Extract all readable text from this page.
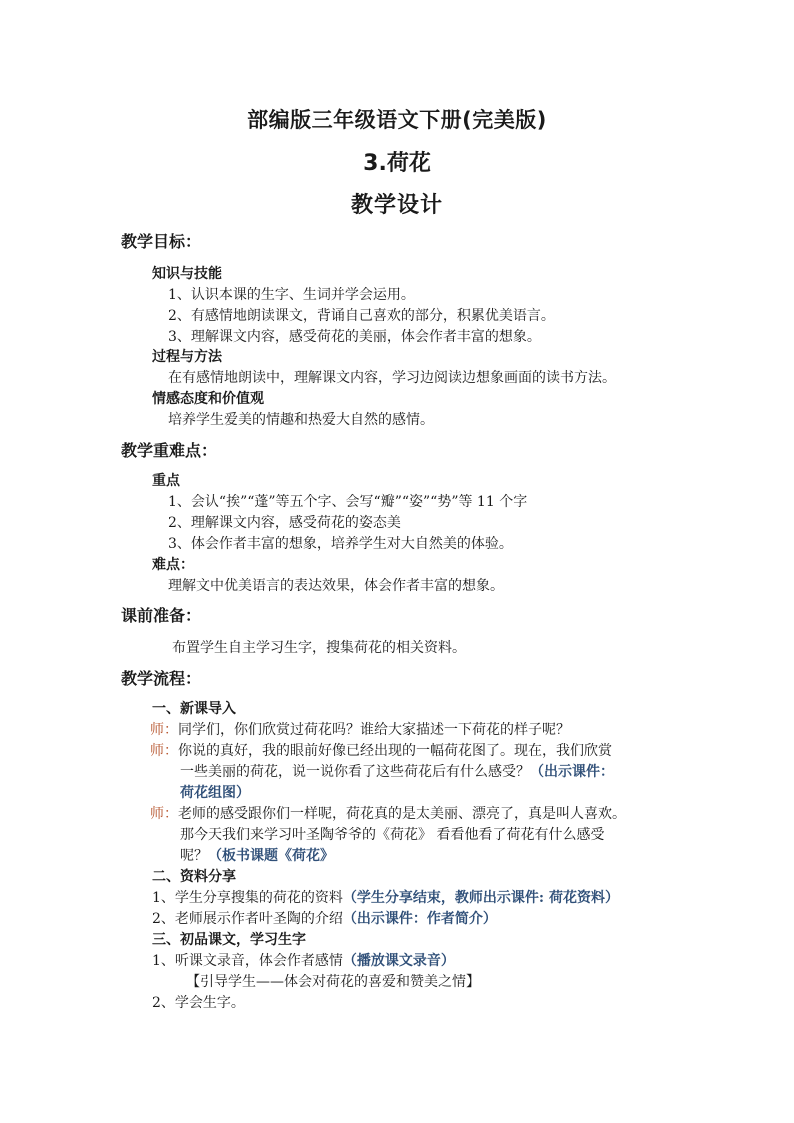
部编版三年级语文下册(完美版)
3.荷花
教学设计
教学目标：
知识与技能
1、认识本课的生字、生词并学会运用。
2、有感情地朗读课文，背诵自己喜欢的部分，积累优美语言。
3、理解课文内容，感受荷花的美丽，体会作者丰富的想象。
过程与方法
在有感情地朗读中，理解课文内容，学习边阅读边想象画面的读书方法。
情感态度和价值观
培养学生爱美的情趣和热爱大自然的感情。
教学重难点：
重点
1、会认“挨”“蓬”等五个字、会写“瓣”“姿”“势”等 11 个字
2、理解课文内容，感受荷花的姿态美
3、体会作者丰富的想象，培养学生对大自然美的体验。
难点：
理解文中优美语言的表达效果，体会作者丰富的想象。
课前准备：
布置学生自主学习生字，搜集荷花的相关资料。
教学流程：
一、新课导入
师：同学们，你们欣赏过荷花吗？谁给大家描述一下荷花的样子呢？
师：你说的真好，我的眼前好像已经出现的一幅荷花图了。现在，我们欣赏
一些美丽的荷花，说一说你看了这些荷花后有什么感受？（出示课件：
荷花组图）
师：老师的感受跟你们一样呢，荷花真的是太美丽、漂亮了，真是叫人喜欢。
那今天我们来学习叶圣陶爷爷的《荷花》 看看他看了荷花有什么感受
呢？（板书课题《荷花》
二、资料分享
1、学生分享搜集的荷花的资料（学生分享结束，教师出示课件: 荷花资料）
2、老师展示作者叶圣陶的介绍（出示课件：作者简介）
三、初品课文，学习生字
1、听课文录音，体会作者感情（播放课文录音）
【引导学生——体会对荷花的喜爱和赞美之情】
2、学会生字。
